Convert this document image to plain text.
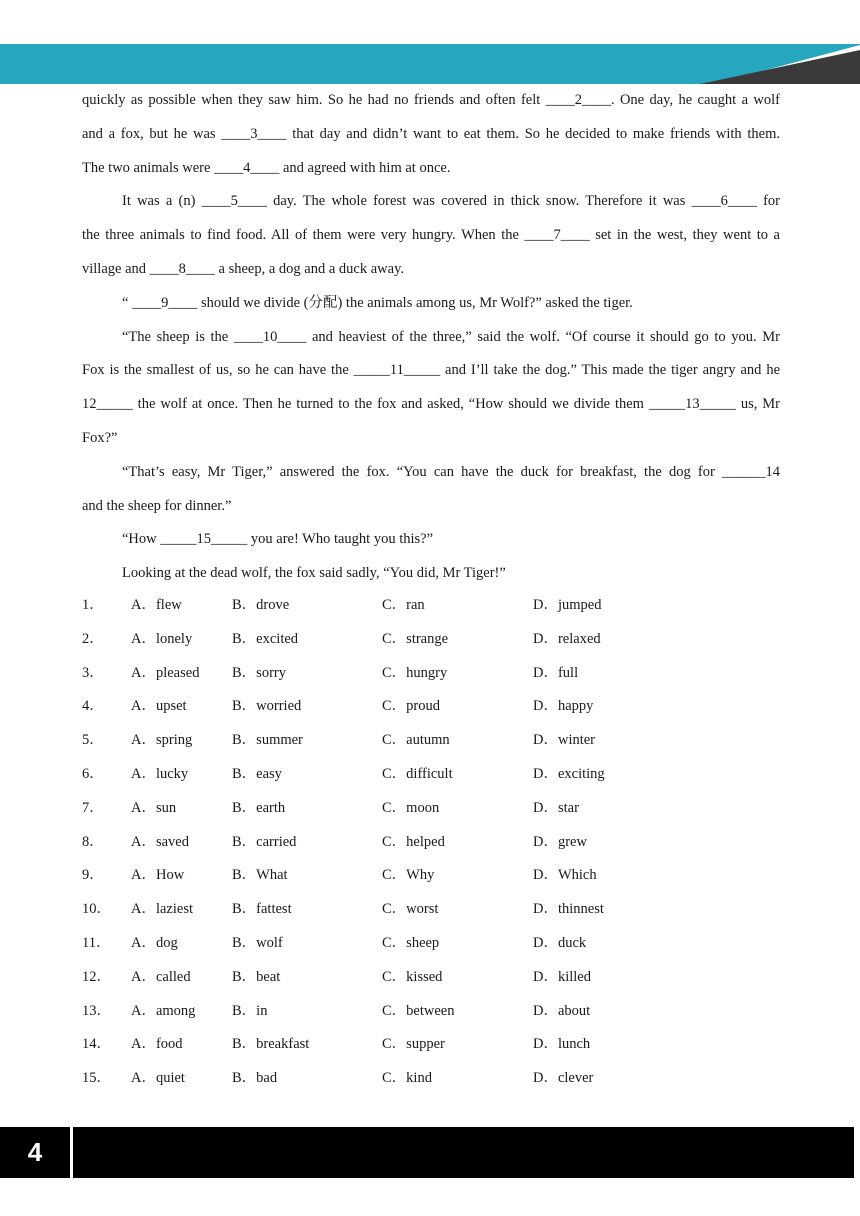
quickly as possible when they saw him. So he had no friends and often felt ____2____. One day, he caught a wolf
and a fox, but he was ____3____ that day and didn’t want to eat them. So he decided to make friends with them.
The two animals were ____4____ and agreed with him at once.
It was a (n) ____5____ day. The whole forest was covered in thick snow. Therefore it was ____6____ for
the three animals to find food. All of them were very hungry. When the ____7____ set in the west, they went to a
village and ____8____ a sheep, a dog and a duck away.
“ ____9____ should we divide (分配) the animals among us, Mr Wolf?” asked the tiger.
“The sheep is the ____10____ and heaviest of the three,” said the wolf. “Of course it should go to you. Mr
Fox is the smallest of us, so he can have the _____11_____ and I’ll take the dog.” This made the tiger angry and he
12_____ the wolf at once. Then he turned to the fox and asked, “How should we divide them _____13_____ us, Mr
Fox?”
“That’s easy, Mr Tiger,” answered the fox. “You can have the duck for breakfast, the dog for ______14
and the sheep for dinner.”
“How _____15_____ you are! Who taught you this?”
Looking at the dead wolf, the fox said sadly, “You did, Mr Tiger!”
1． A．flew	B．drove	C．ran	D．jumped
2． A．lonely	B．excited	C．strange	D．relaxed
3． A．pleased B．sorry	C．hungry	D．full
4． A．upset	B．worried	C．proud	D．happy
5． A．spring	B．summer	C．autumn	D．winter
6． A．lucky	B．easy	C．difficult	D．exciting
7． A．sun	B．earth	C．moon	D．star
8． A．saved	B．carried	C．helped	D．grew
9． A．How	B．What	C．Why	D．Which
10． A．laziest	B．fattest	C．worst	D．thinnest
11． A．dog	B．wolf	C．sheep	D．duck
12． A．called	B．beat	C．kissed	D．killed
13． A．among	B．in	C．between	D．about
14． A．food	B．breakfast	C．supper	D．lunch
15． A．quiet	B．bad	C．kind	D．clever
4
